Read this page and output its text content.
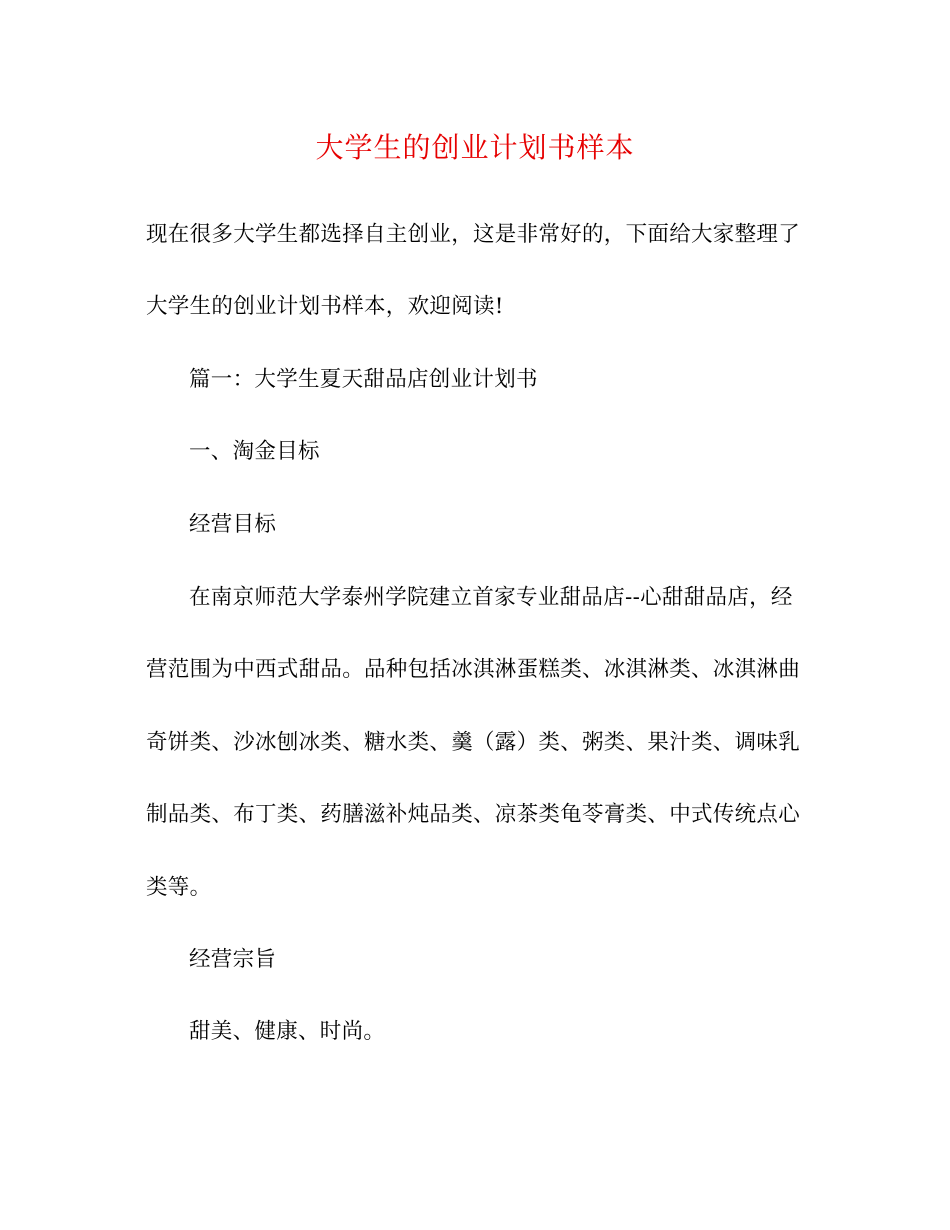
大学生的创业计划书样本
现在很多大学生都选择自主创业，这是非常好的，下面给大家整理了
大学生的创业计划书样本，欢迎阅读!
篇一：大学生夏天甜品店创业计划书
一、淘金目标
经营目标
在南京师范大学泰州学院建立首家专业甜品店--心甜甜品店，经
营范围为中西式甜品。品种包括冰淇淋蛋糕类、冰淇淋类、冰淇淋曲
奇饼类、沙冰刨冰类、糖水类、羹（露）类、粥类、果汁类、调味乳
制品类、布丁类、药膳滋补炖品类、凉茶类龟苓膏类、中式传统点心
类等。
经营宗旨
甜美、健康、时尚。
